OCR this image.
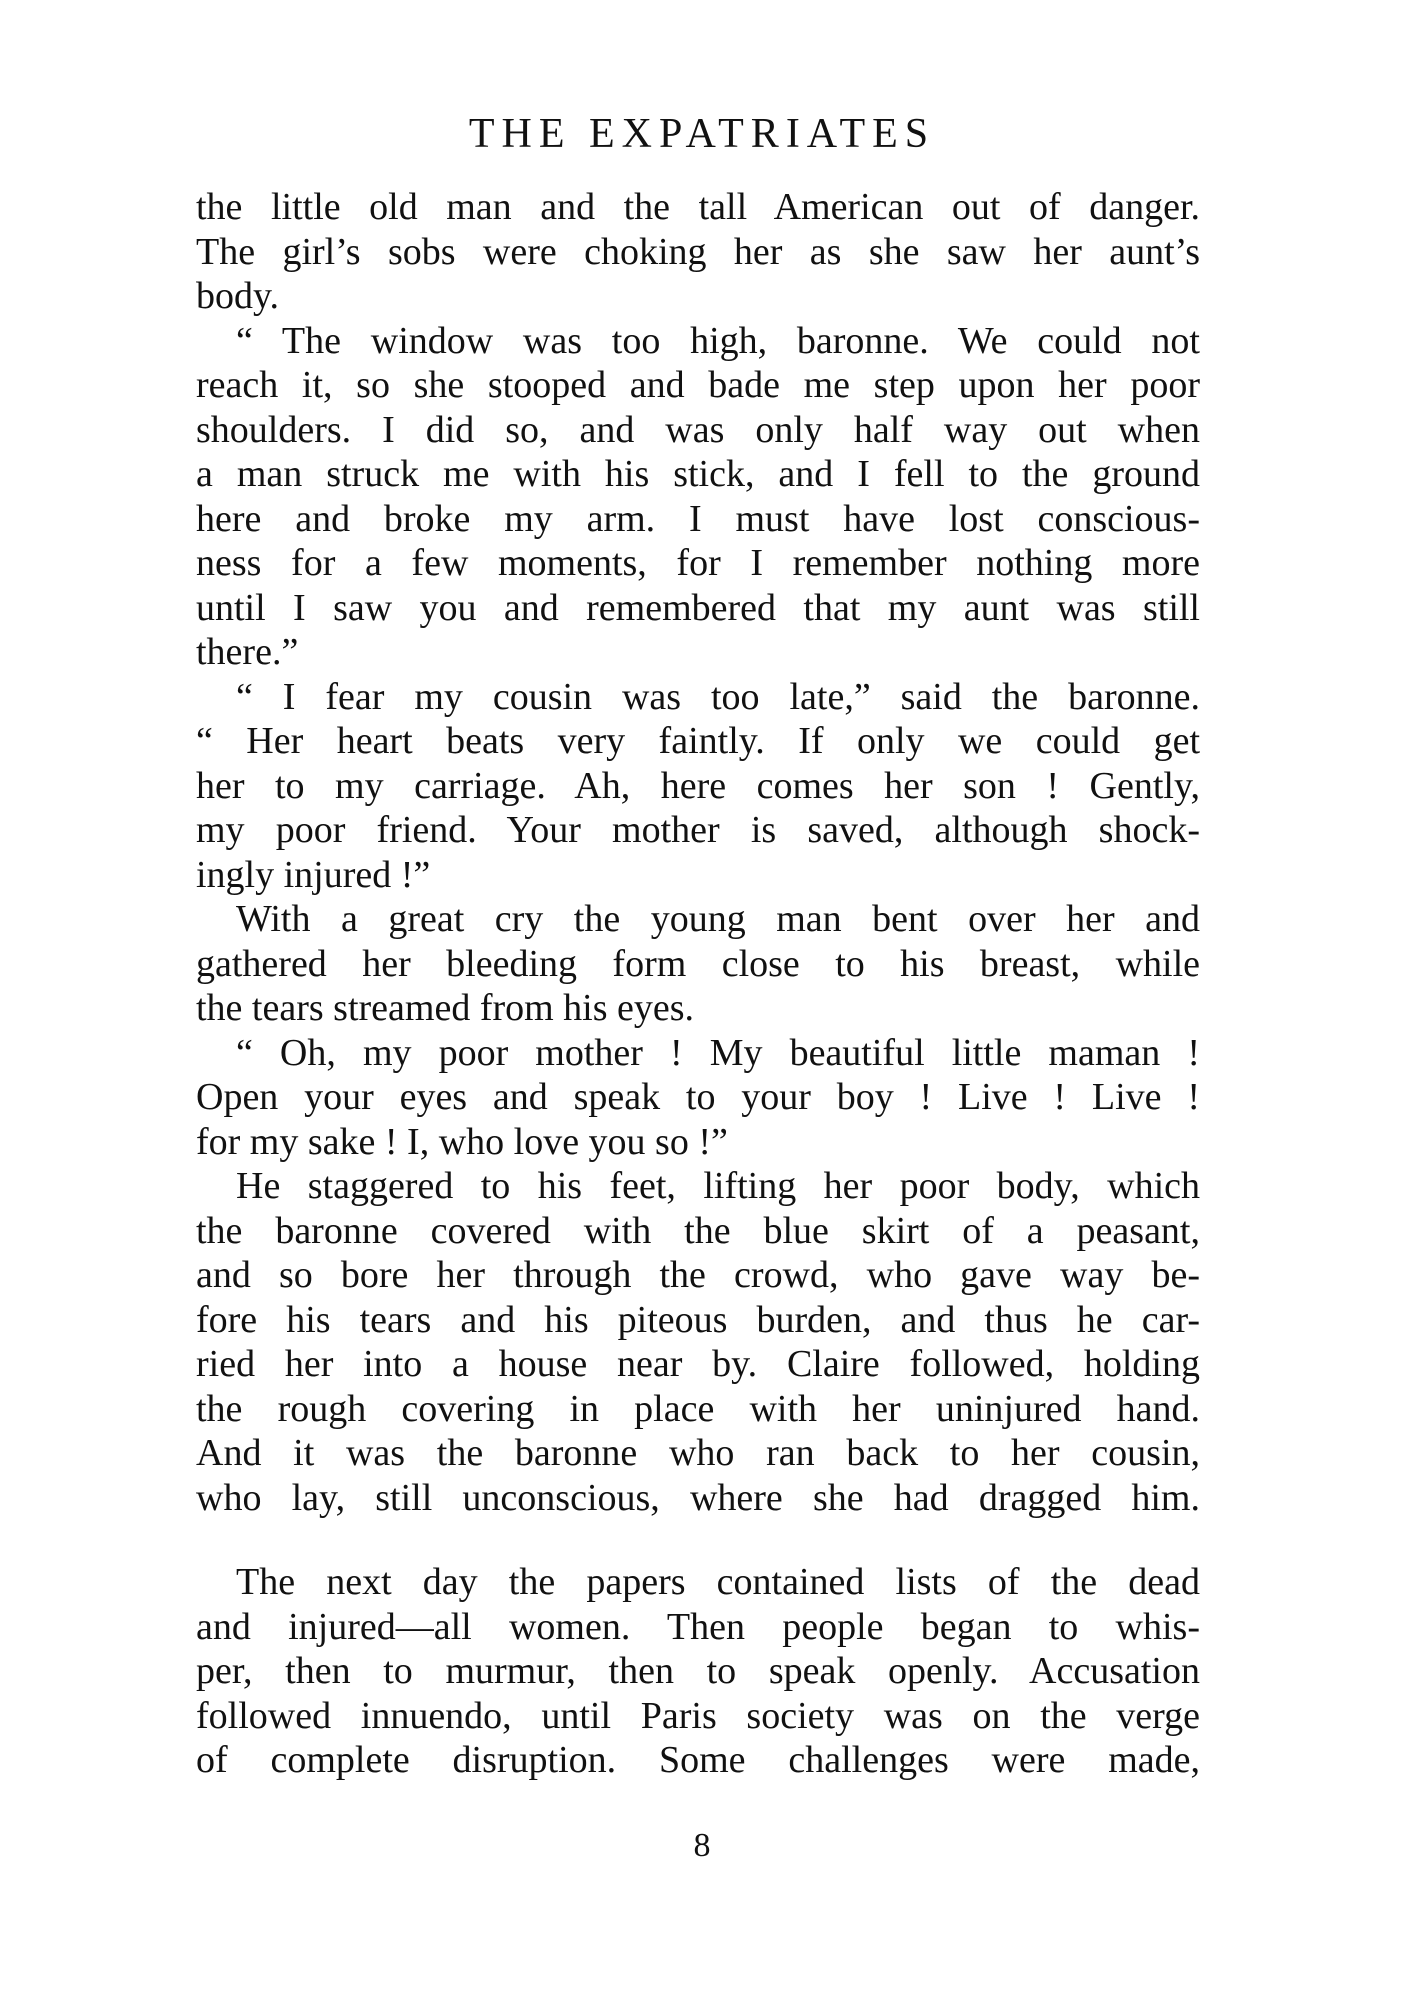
THE EXPATRIATES
the little old man and the tall American out of danger.
The girl’s sobs were choking her as she saw her aunt’s
body.
“ The window was too high, baronne. We could not
reach it, so she stooped and bade me step upon her poor
shoulders. I did so, and was only half way out when
a man struck me with his stick, and I fell to the ground
here and broke my arm. I must have lost conscious-
ness for a few moments, for I remember nothing more
until I saw you and remembered that my aunt was still
there.”
“ I fear my cousin was too late,” said the baronne.
“ Her heart beats very faintly. If only we could get
her to my carriage. Ah, here comes her son ! Gently,
my poor friend. Your mother is saved, although shock-
ingly injured !”
With a great cry the young man bent over her and
gathered her bleeding form close to his breast, while
the tears streamed from his eyes.
“ Oh, my poor mother ! My beautiful little maman !
Open your eyes and speak to your boy ! Live ! Live !
for my sake ! I, who love you so !”
He staggered to his feet, lifting her poor body, which
the baronne covered with the blue skirt of a peasant,
and so bore her through the crowd, who gave way be-
fore his tears and his piteous burden, and thus he car-
ried her into a house near by. Claire followed, holding
the rough covering in place with her uninjured hand.
And it was the baronne who ran back to her cousin,
who lay, still unconscious, where she had dragged him.
The next day the papers contained lists of the dead
and injured—all women. Then people began to whis-
per, then to murmur, then to speak openly. Accusation
followed innuendo, until Paris society was on the verge
of complete disruption. Some challenges were made,
8
